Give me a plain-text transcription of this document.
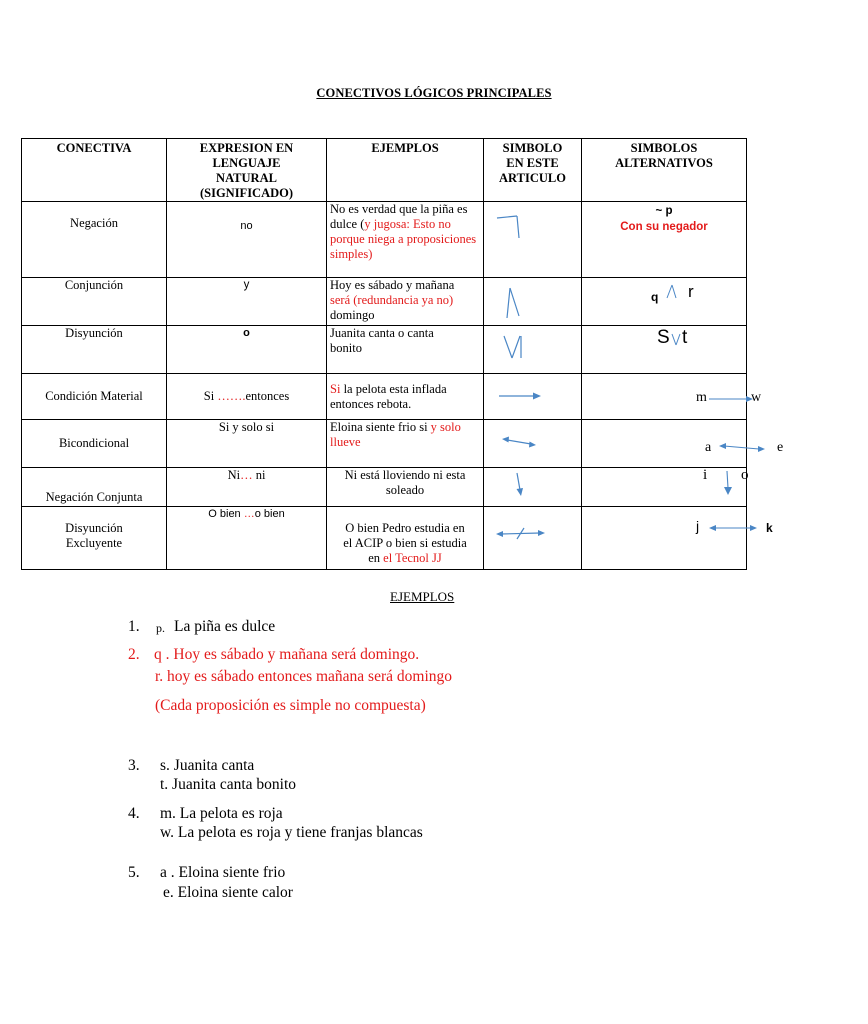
CONECTIVOS LÓGICOS PRINCIPALES
CONECTIVA	EXPRESION EN
LENGUAJE
NATURAL
(SIGNIFICADO)	EJEMPLOS	SIMBOLO
EN ESTE
ARTICULO	SIMBOLOS
ALTERNATIVOS
Negación	no	No es verdad que la piña es dulce (y jugosa: Esto no porque niega a proposiciones simples)		~ p
Con su negador

Conjunción	y	Hoy es sábado y mañana
será (redundancia ya no)
domingo		q r

Disyunción	o	Juanita canta o canta
bonito		S t

Condición Material	Si …….entonces	Si la pelota esta inflada
entonces rebota.		m w

Bicondicional	Si y solo si	Eloina siente frio si y solo
llueve		a e

Negación Conjunta	Ni… ni	Ni está lloviendo ni esta
soleado		i o

Disyunción
Excluyente	O bien …o bien	O bien Pedro estudia en
el ACIP o bien si estudia
en el Tecnol JJ		j k
EJEMPLOS
1. p. La piña es dulce
2. q . Hoy es sábado y mañana será domingo.
r. hoy es sábado entonces mañana será domingo
(Cada proposición es simple no compuesta)
3. s. Juanita canta
t. Juanita canta bonito
4. m. La pelota es roja
w. La pelota es roja y tiene franjas blancas
5. a . Eloina siente frio
e. Eloina siente calor
